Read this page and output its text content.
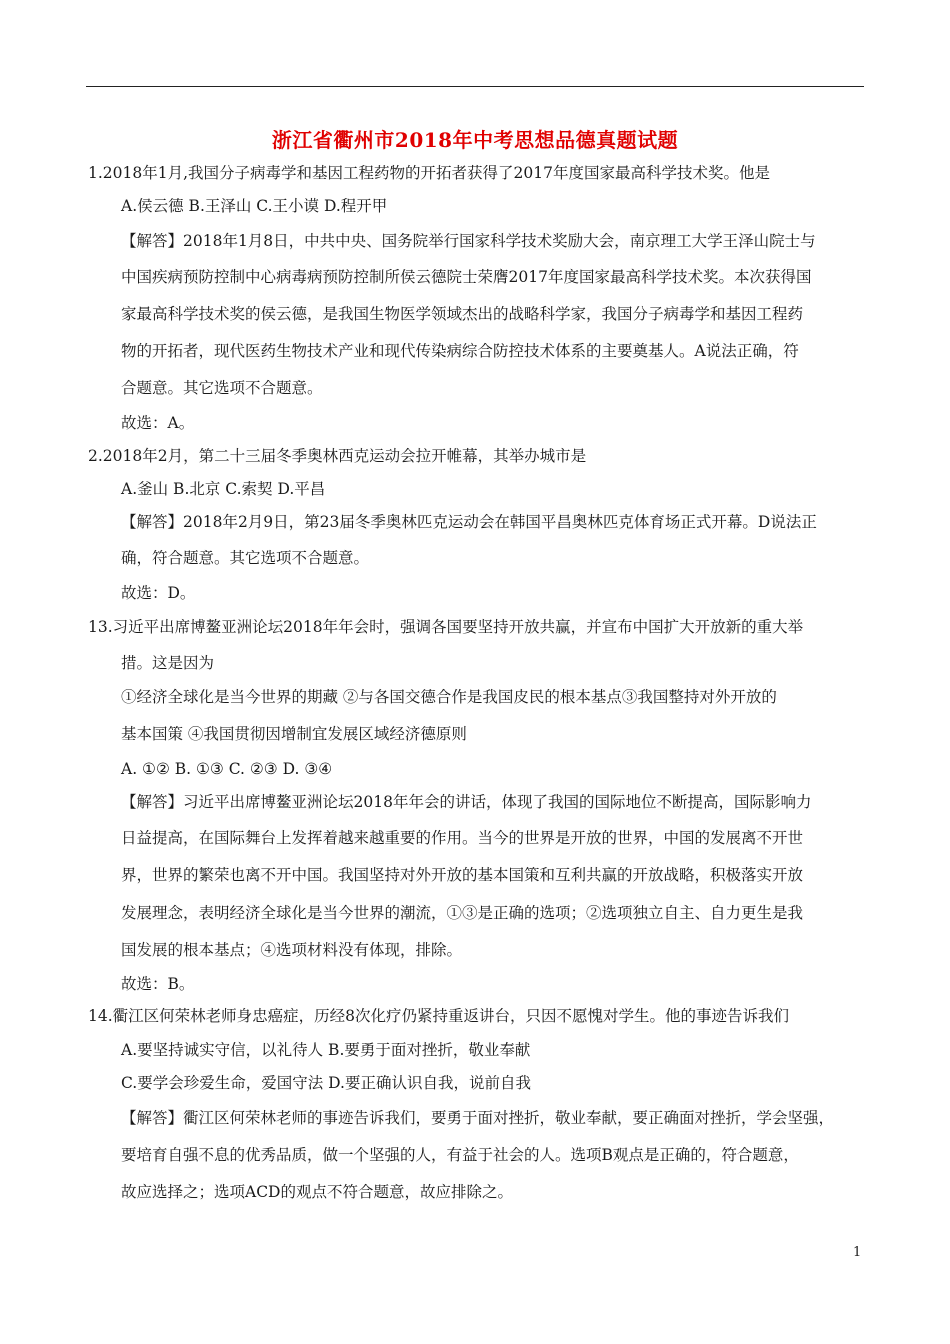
浙江省衢州市2018年中考思想品德真题试题
1.2018年1月,我国分子病毒学和基因工程药物的开拓者获得了2017年度国家最高科学技术奖。他是
A.侯云德 B.王泽山 C.王小谟 D.程开甲
【解答】2018年1月8日，中共中央、国务院举行国家科学技术奖励大会，南京理工大学王泽山院士与
中国疾病预防控制中心病毒病预防控制所侯云德院士荣膺2017年度国家最高科学技术奖。本次获得国
家最高科学技术奖的侯云德，是我国生物医学领域杰出的战略科学家，我国分子病毒学和基因工程药
物的开拓者，现代医药生物技术产业和现代传染病综合防控技术体系的主要奠基人。A说法正确，符
合题意。其它选项不合题意。
故选：A。
2.2018年2月，第二十三届冬季奥林西克运动会拉开帷幕，其举办城市是
A.釜山 B.北京 C.索契 D.平昌
【解答】2018年2月9日，第23届冬季奥林匹克运动会在韩国平昌奥林匹克体育场正式开幕。D说法正
确，符合题意。其它选项不合题意。
故选：D。
13.习近平出席博鳌亚洲论坛2018年年会时，强调各国要坚持开放共赢，并宣布中国扩大开放新的重大举
措。这是因为
①经济全球化是当今世界的期藏 ②与各国交德合作是我国皮民的根本基点③我国整持对外开放的
基本国策 ④我国贯彻因增制宜发展区域经济德原则
A. ①② B. ①③ C. ②③ D. ③④
【解答】习近平出席博鳌亚洲论坛2018年年会的讲话，体现了我国的国际地位不断提高，国际影响力
日益提高，在国际舞台上发挥着越来越重要的作用。当今的世界是开放的世界，中国的发展离不开世
界，世界的繁荣也离不开中国。我国坚持对外开放的基本国策和互利共赢的开放战略，积极落实开放
发展理念，表明经济全球化是当今世界的潮流，①③是正确的选项；②选项独立自主、自力更生是我
国发展的根本基点；④选项材料没有体现，排除。
故选：B。
14.衢江区何荣林老师身忠癌症，历经8次化疗仍紧持重返讲台，只因不愿愧对学生。他的事迹告诉我们
A.要坚持诚实守信，以礼待人 B.要勇于面对挫折，敬业奉献
C.要学会珍爱生命，爱国守法 D.要正确认识自我，说前自我
【解答】衢江区何荣林老师的事迹告诉我们，要勇于面对挫折，敬业奉献，要正确面对挫折，学会坚强，
要培育自强不息的优秀品质，做一个坚强的人，有益于社会的人。选项B观点是正确的，符合题意，
故应选择之；选项ACD的观点不符合题意，故应排除之。
1
